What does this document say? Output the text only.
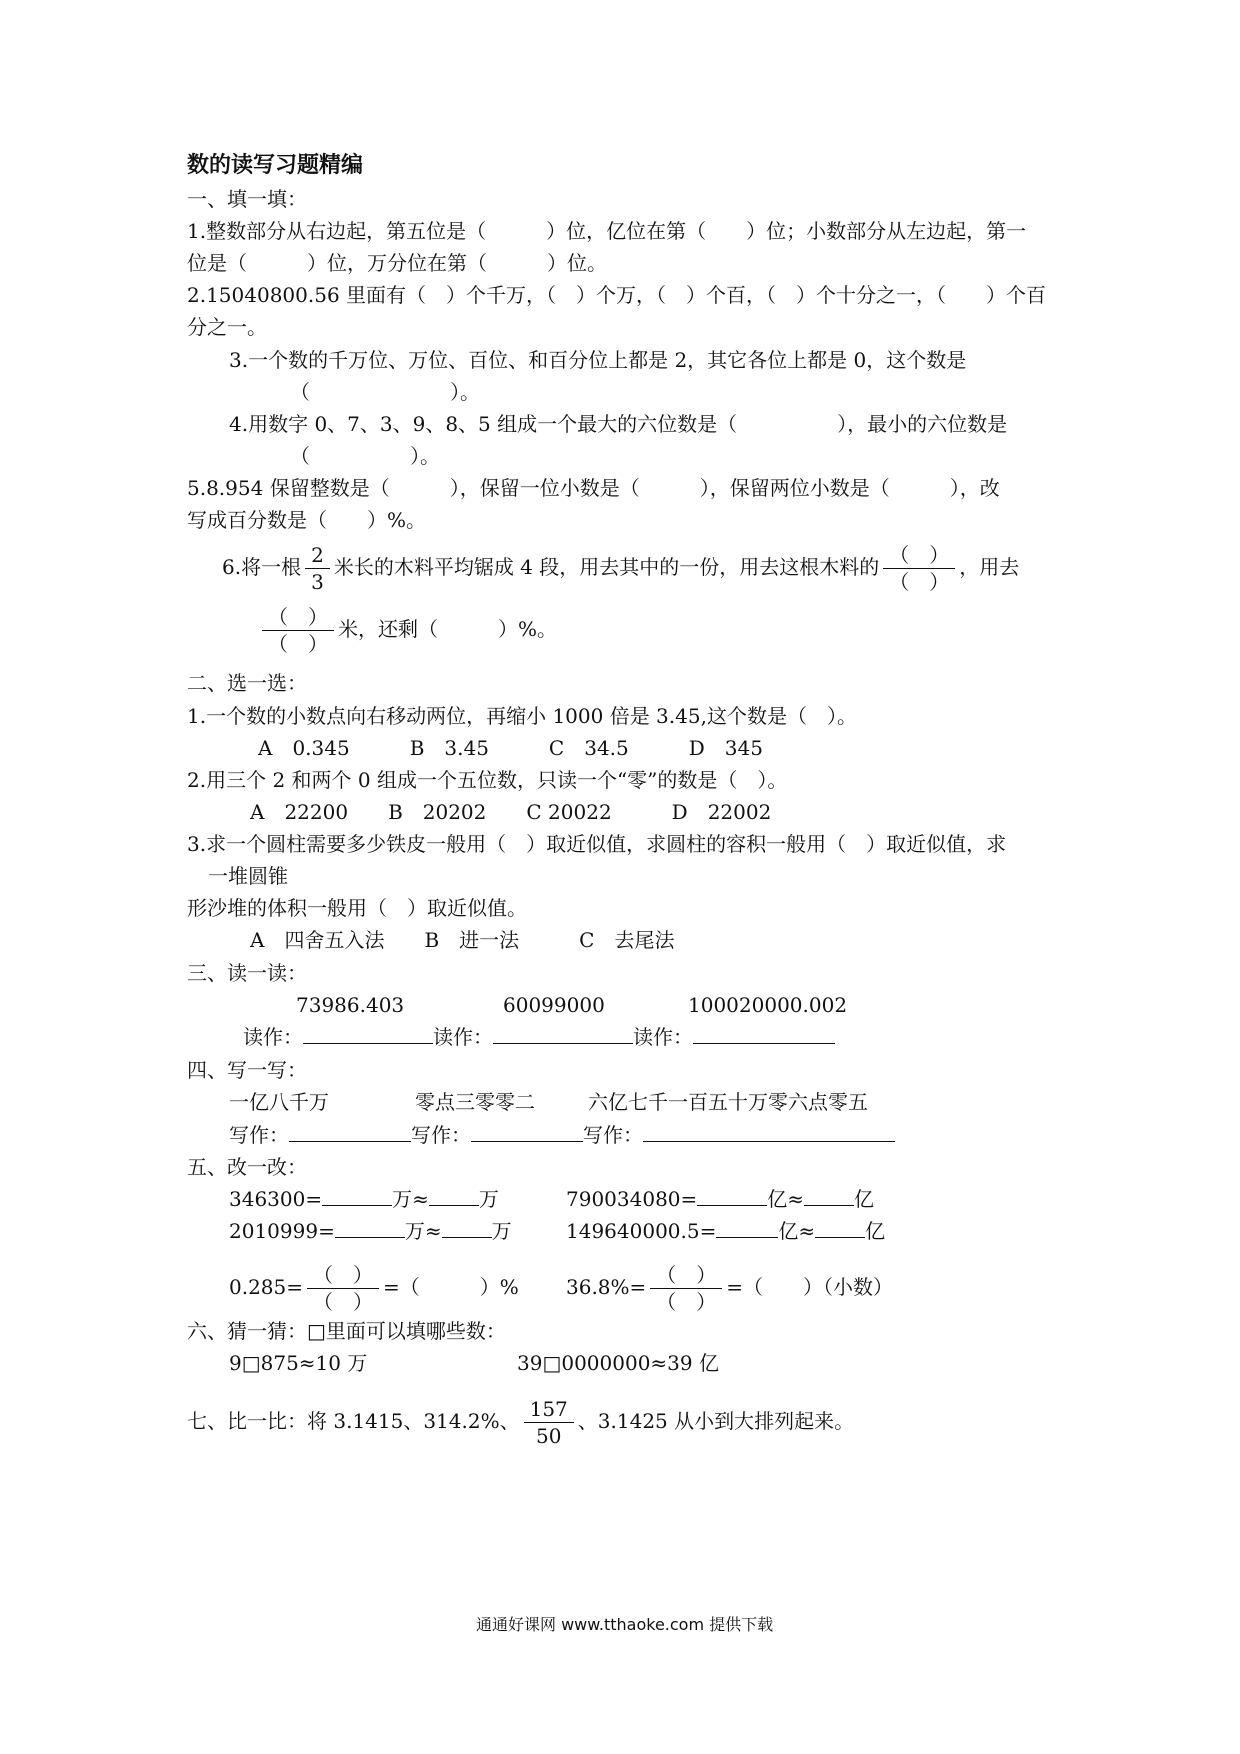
数的读写习题精编
一、填一填：
1.整数部分从右边起，第五位是（　　　）位，亿位在第（　　）位；小数部分从左边起，第一
位是（　　　）位，万分位在第（　　　）位。
2.15040800.56 里面有（　）个千万，（　）个万，（　）个百，（　）个十分之一，（　　）个百
分之一。
3.一个数的千万位、万位、百位、和百分位上都是 2，其它各位上都是 0，这个数是
（　　　　　　　）。
4.用数字 0、7、3、9、8、5 组成一个最大的六位数是（　　　　　），最小的六位数是
（　　　　　）。
5.8.954 保留整数是（　　　），保留一位小数是（　　　），保留两位小数是（　　　），改
写成百分数是（　　）%。
6.将一根 $\frac{2}{3}$ 米长的木料平均锯成 4 段，用去其中的一份，用去这根木料的 $\frac{( )}{( )}$ ，用去
$\frac{( )}{( )}$ 米，还剩（　　　）%。
二、选一选：
1.一个数的小数点向右移动两位，再缩小 1000 倍是 3.45,这个数是（　）。
A　0.345　　　B　3.45　　　C　34.5　　　D　345
2.用三个 2 和两个 0 组成一个五位数，只读一个“零”的数是（　）。
A　22200　　B　20202　　C 20022　　　D　22002
3.求一个圆柱需要多少铁皮一般用（　）取近似值，求圆柱的容积一般用（　）取近似值，求
一堆圆锥
形沙堆的体积一般用（　）取近似值。
A　四舍五入法　　B　进一法　　　C　去尾法
三、读一读：
73986.403	60099000	100020000.002
读作：	读作：	读作：
四、写一写：
一亿八千万	零点三零零二	六亿七千一百五十万零六点零五
写作：	写作：	写作：
五、改一改：
346300=	万≈	万	790034080=	亿≈	亿
2010999=	万≈	万	149640000.5=	亿≈	亿
$0.285= \frac{( )}{( )}$ =（　　　）% $36.8\%= \frac{( )}{( )}$ =（　　）（小数）
六、猜一猜：□里面可以填哪些数：
9□875≈10 万	39□0000000≈39 亿
七、比一比：将 3.1415、314.2%、 $\frac{157}{50}$ 、3.1425 从小到大排列起来。
通通好课网 www.tthaoke.com 提供下载
